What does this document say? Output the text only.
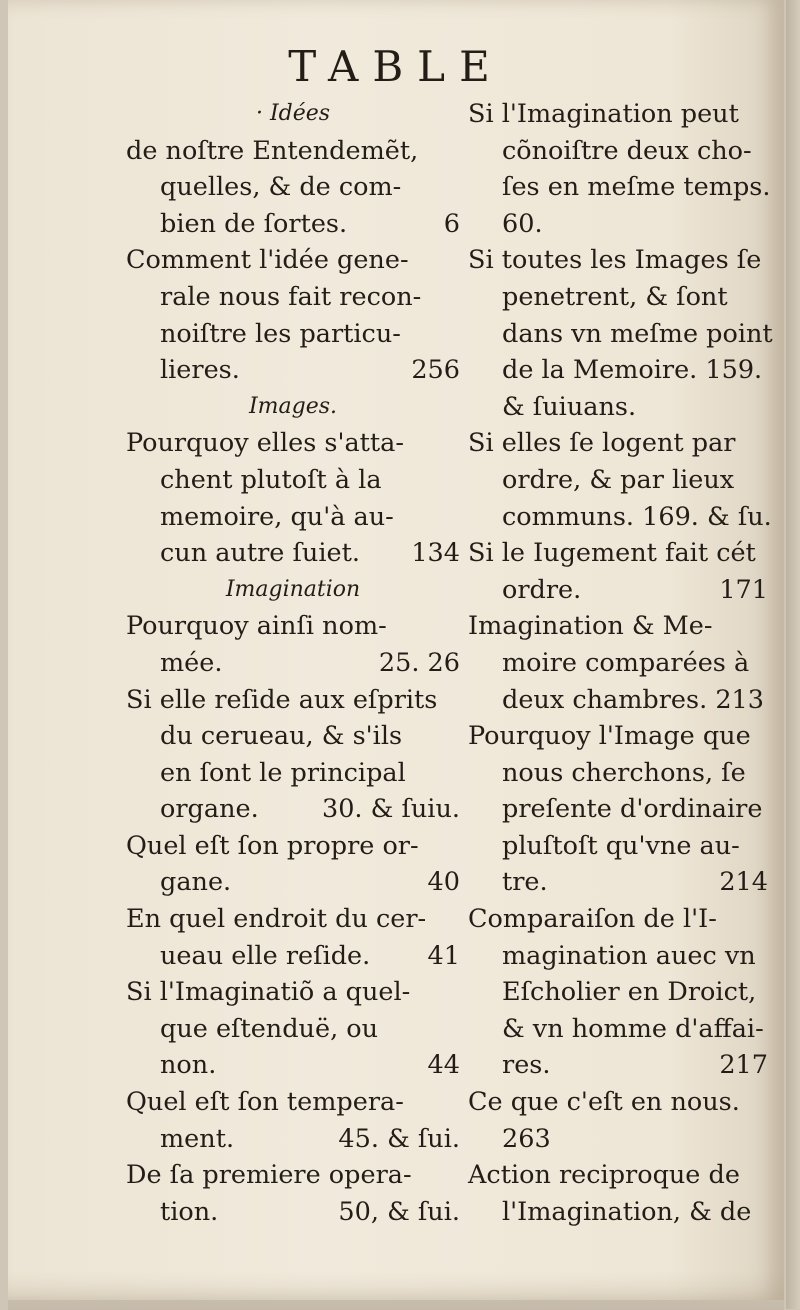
TABLE
· Idées
de noſtre Entendemẽt,
quelles, & de com-
bien de ſortes.	6
Comment l'idée gene-
rale nous fait recon-
noiſtre les particu-
lieres.	256
Images.
Pourquoy elles s'atta-
chent plutoſt à la
memoire, qu'à au-
cun autre ſuiet. 134
Imagination
Pourquoy ainſi nom-
mée.	25. 26
Si elle reſide aux eſprits
du cerueau, & s'ils
en ſont le principal
organe. 30. & ſuiu.
Quel eſt ſon propre or-
gane.	40
En quel endroit du cer-
ueau elle reſide. 41
Si l'Imaginatiõ a quel-
que eſtenduë, ou
non.	44
Quel eſt ſon tempera-
ment.	45. & ſui.
De ſa premiere opera-
tion.	50, & ſui.
Si l'Imagination peut
cõnoiſtre deux cho-
ſes en meſme temps.
60.
Si toutes les Images ſe
penetrent, & ſont
dans vn meſme point
de la Memoire. 159.
& ſuiuans.
Si elles ſe logent par
ordre, & par lieux
communs. 169. & ſu.
Si le Iugement fait cét
ordre.	171
Imagination & Me-
moire comparées à
deux chambres. 213
Pourquoy l'Image que
nous cherchons, ſe
preſente d'ordinaire
pluſtoſt qu'vne au-
tre.	214
Comparaiſon de l'I-
magination auec vn
Eſcholier en Droict,
& vn homme d'affai-
res.	217
Ce que c'eſt en nous.
263
Action reciproque de
l'Imagination, & de
